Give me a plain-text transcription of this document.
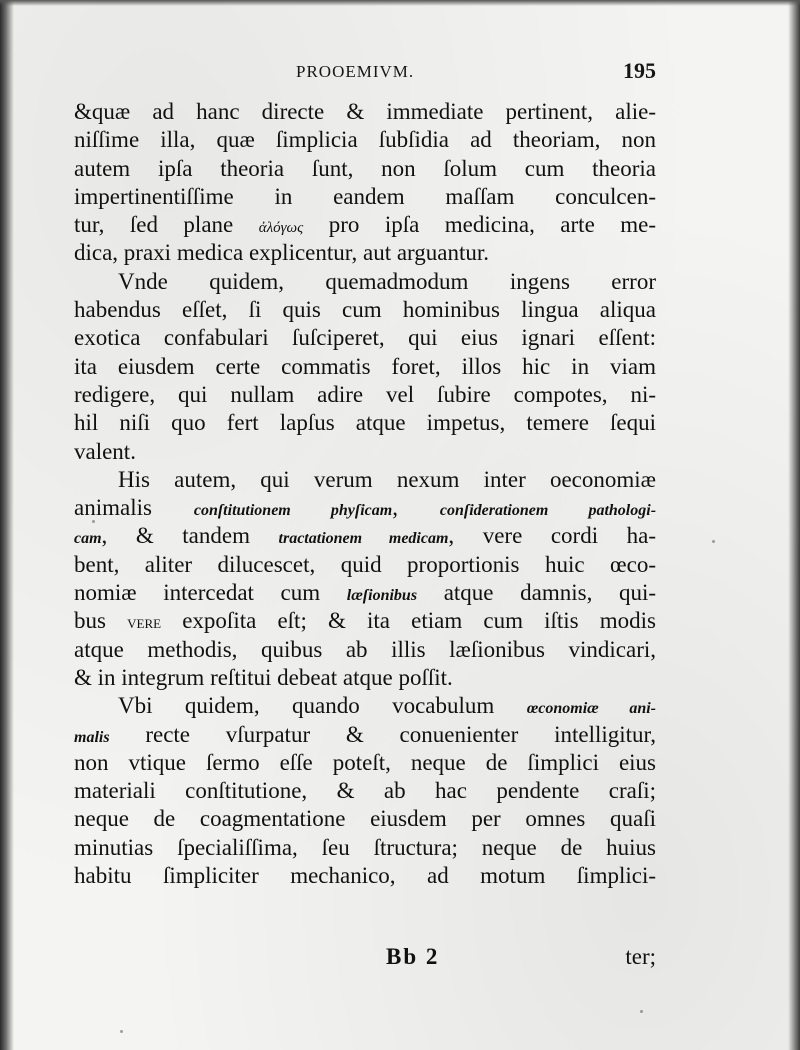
PROOEMIVM.	195
&quæ ad hanc directe & immediate pertinent, alie-
niſſime illa, quæ ſimplicia ſubſidia ad theoriam, non
autem ipſa theoria ſunt, non ſolum cum theoria
impertinentiſſime in eandem maſſam conculcen-
tur, ſed plane ἀλόγως pro ipſa medicina, arte me-
dica, praxi medica explicentur, aut arguantur.
Vnde quidem, quemadmodum ingens error
habendus eſſet, ſi quis cum hominibus lingua aliqua
exotica confabulari ſuſciperet, qui eius ignari eſſent:
ita eiusdem certe commatis foret, illos hic in viam
redigere, qui nullam adire vel ſubire compotes, ni-
hil niſi quo fert lapſus atque impetus, temere ſequi
valent.
His autem, qui verum nexum inter oeconomiæ
animalis	conſtitutionem phyſicam,	conſiderationem pathologi-
cam, & tandem tractationem medicam, vere cordi ha-
bent, aliter dilucescet, quid proportionis huic œco-
nomiæ intercedat cum læſionibus atque damnis, qui-
bus vere expoſita eſt; & ita etiam cum iſtis modis
atque methodis, quibus ab illis læſionibus vindicari,
& in integrum reſtitui debeat atque poſſit.
Vbi quidem, quando vocabulum œconomiæ ani-
malis recte vſurpatur & conuenienter intelligitur,
non vtique ſermo eſſe poteſt, neque de ſimplici eius
materiali conſtitutione, & ab hac pendente craſi;
neque de coagmentatione eiusdem per omnes quaſi
minutias ſpecialiſſima, ſeu ſtructura; neque de huius
habitu ſimpliciter mechanico, ad motum ſimplici-
Bb 2	ter;
